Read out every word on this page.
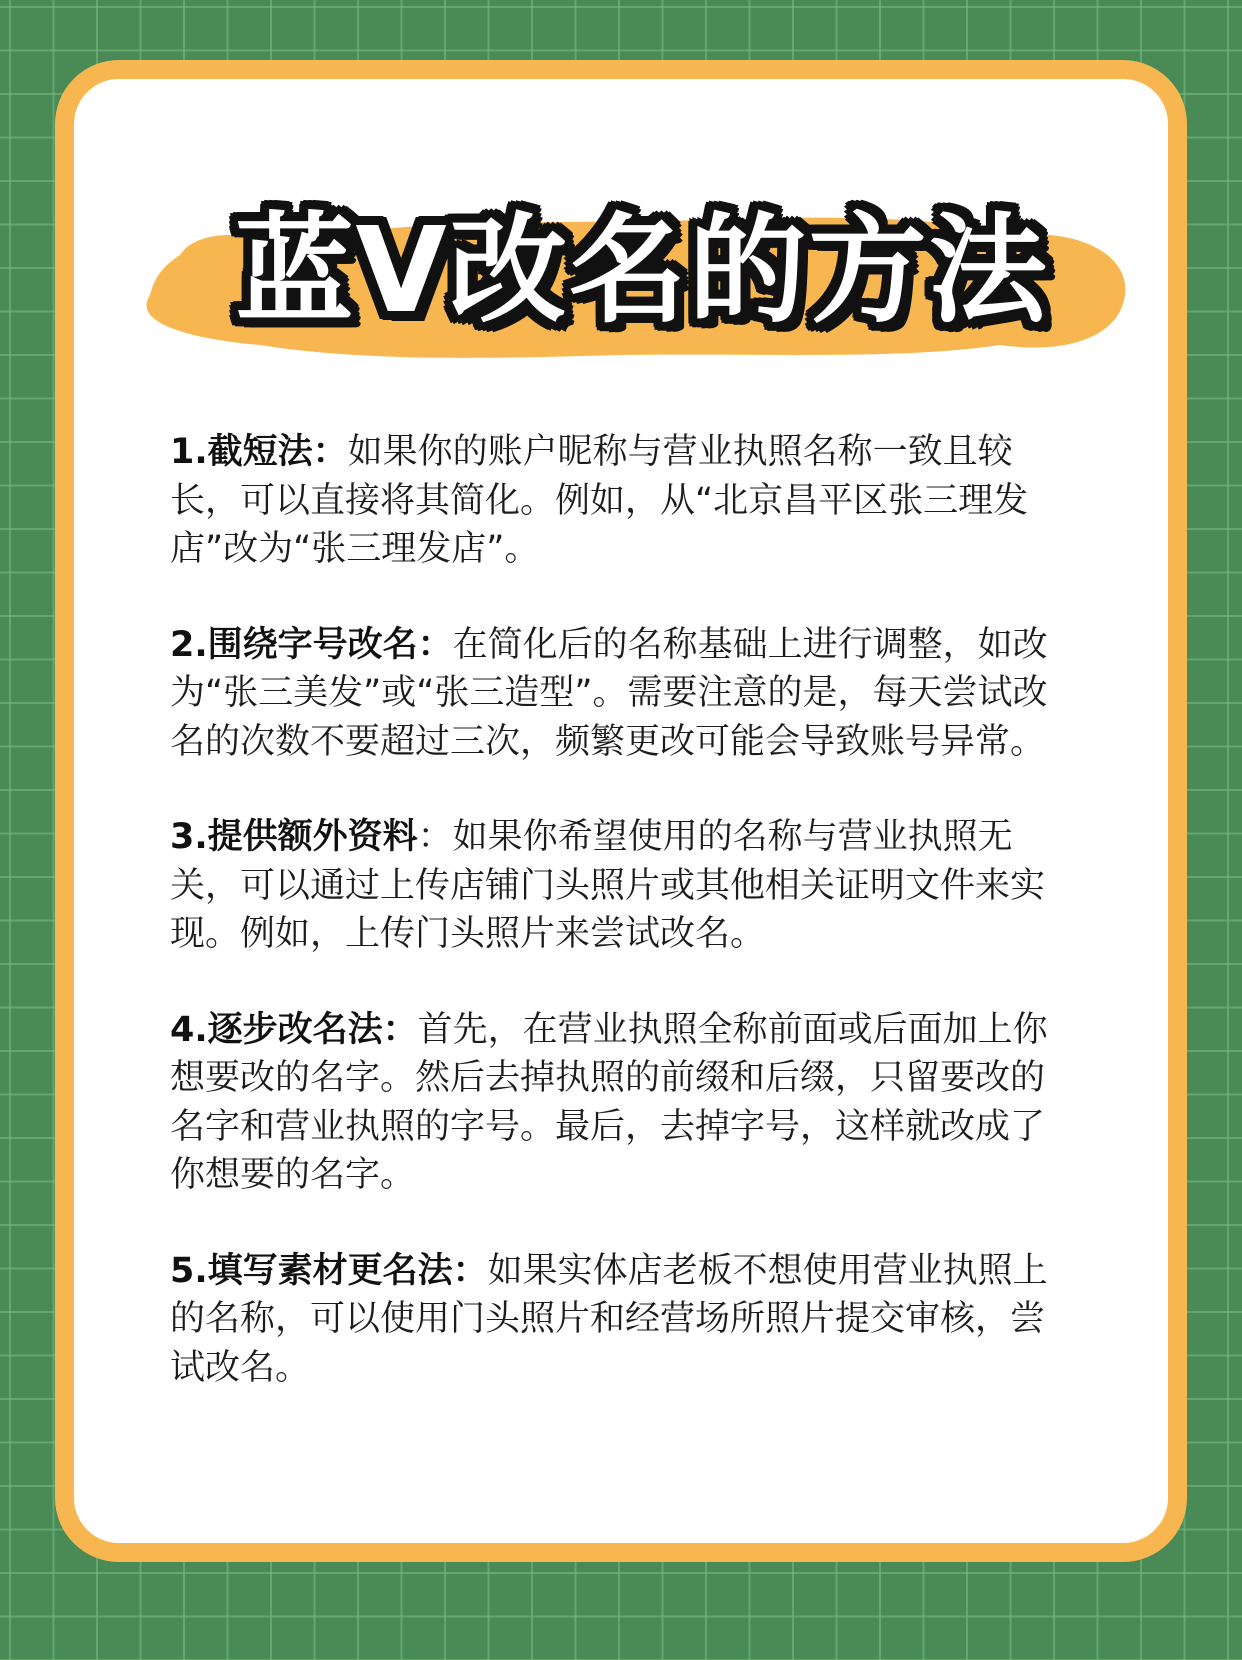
蓝V改名的方法

1.截短法：如果你的账户昵称与营业执照名称一致且较长，可以直接将其简化。例如，从“北京昌平区张三理发店”改为“张三理发店”。

2.围绕字号改名：在简化后的名称基础上进行调整，如改为“张三美发”或“张三造型”。需要注意的是，每天尝试改名的次数不要超过三次，频繁更改可能会导致账号异常。

3.提供额外资料：如果你希望使用的名称与营业执照无关，可以通过上传店铺门头照片或其他相关证明文件来实现。例如，上传门头照片来尝试改名。

4.逐步改名法：首先，在营业执照全称前面或后面加上你想要改的名字。然后去掉执照的前缀和后缀，只留要改的名字和营业执照的字号。最后，去掉字号，这样就改成了你想要的名字。

5.填写素材更名法：如果实体店老板不想使用营业执照上的名称，可以使用门头照片和经营场所照片提交审核，尝试改名。
